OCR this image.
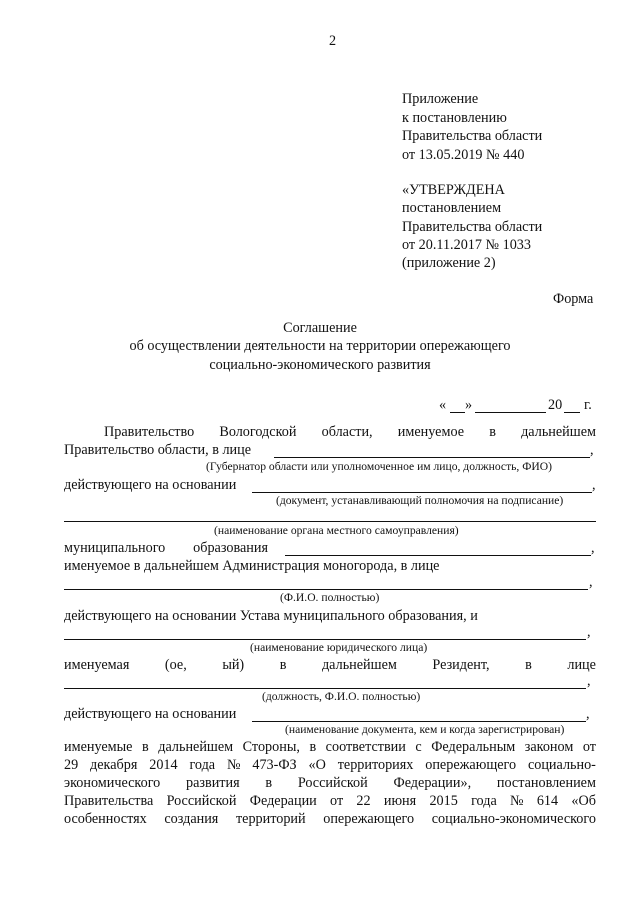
2
Приложение
к постановлению
Правительства области
от 13.05.2019 № 440
«УТВЕРЖДЕНА
постановлением
Правительства области
от 20.11.2017 № 1033
(приложение 2)
Форма
Соглашение
об осуществлении деятельности на территории опережающего
социально-экономического развития
« »	20 г.
Правительство Вологодской области, именуемое в дальнейшем
Правительство области, в лице	,
(Губернатор области или уполномоченное им лицо, должность, ФИО)
действующего на основании	,
(документ, устанавливающий полномочия на подписание)
(наименование органа местного самоуправления)
муниципального образования	,
именуемое в дальнейшем Администрация моногорода, в лице
,
(Ф.И.О. полностью)
действующего на основании Устава муниципального образования, и
,
(наименование юридического лица)
именуемая	(ое,	ый)	в	дальнейшем	Резидент,	в	лице
,
(должность, Ф.И.О. полностью)
действующего на основании	,
(наименование документа, кем и когда зарегистрирован)
именуемые в дальнейшем Стороны, в соответствии с Федеральным законом от
29 декабря 2014 года № 473-ФЗ «О территориях опережающего социально-
экономического развития в Российской Федерации», постановлением
Правительства Российской Федерации от 22 июня 2015 года № 614 «Об
особенностях создания территорий опережающего социально-экономического
